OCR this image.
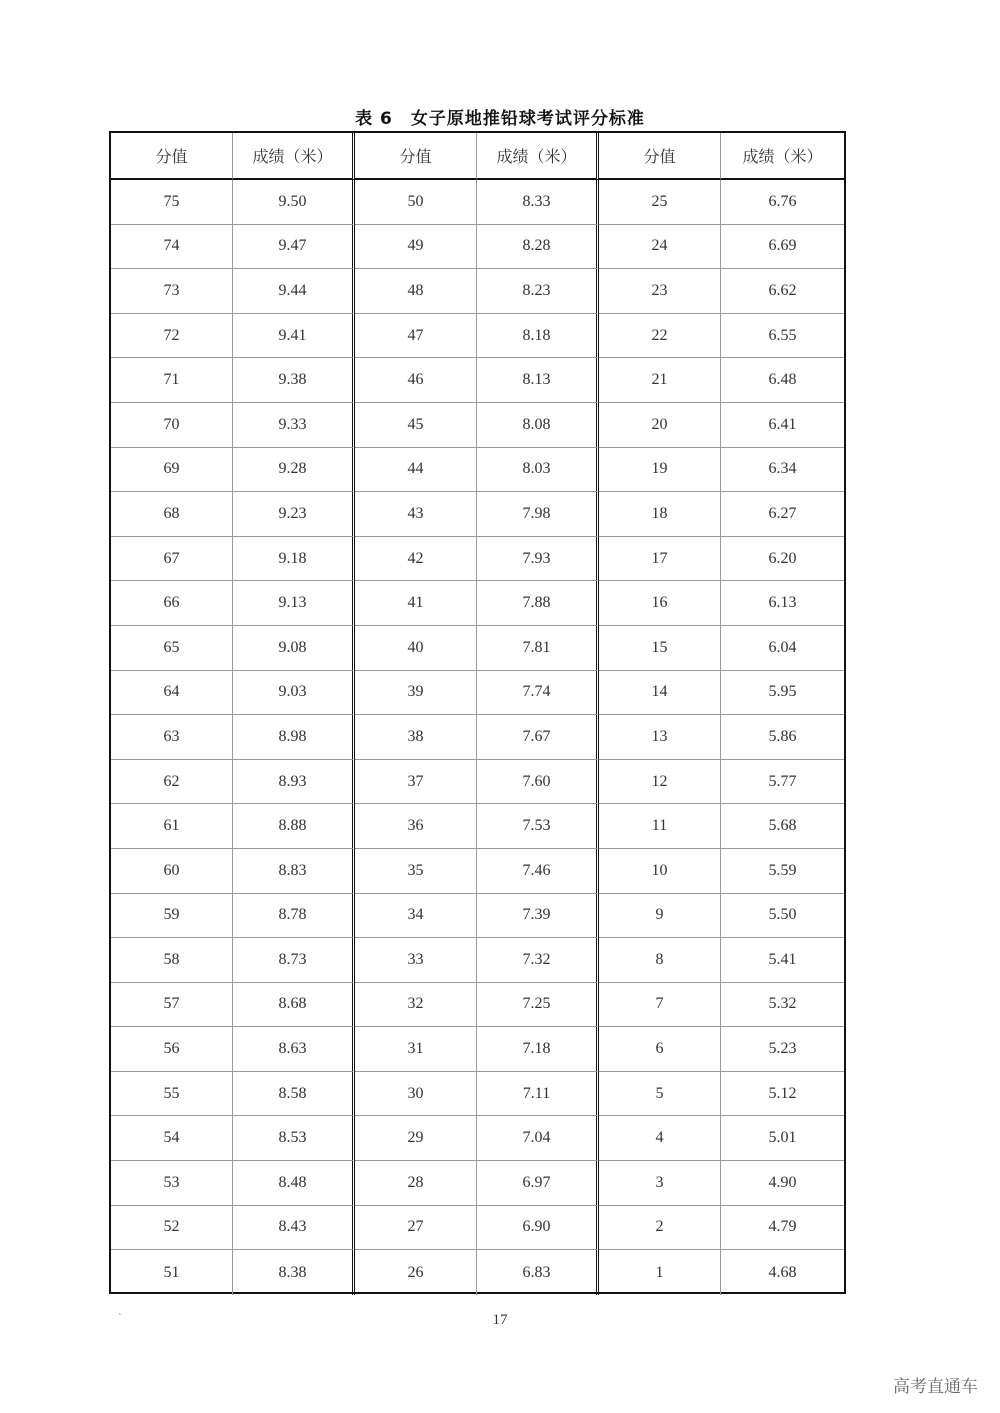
表 6　女子原地推铅球考试评分标准
分值	成绩（米）	分值	成绩（米）	分值	成绩（米）
75	9.50	50	8.33	25	6.76
74	9.47	49	8.28	24	6.69
73	9.44	48	8.23	23	6.62
72	9.41	47	8.18	22	6.55
71	9.38	46	8.13	21	6.48
70	9.33	45	8.08	20	6.41
69	9.28	44	8.03	19	6.34
68	9.23	43	7.98	18	6.27
67	9.18	42	7.93	17	6.20
66	9.13	41	7.88	16	6.13
65	9.08	40	7.81	15	6.04
64	9.03	39	7.74	14	5.95
63	8.98	38	7.67	13	5.86
62	8.93	37	7.60	12	5.77
61	8.88	36	7.53	11	5.68
60	8.83	35	7.46	10	5.59
59	8.78	34	7.39	9	5.50
58	8.73	33	7.32	8	5.41
57	8.68	32	7.25	7	5.32
56	8.63	31	7.18	6	5.23
55	8.58	30	7.11	5	5.12
54	8.53	29	7.04	4	5.01
53	8.48	28	6.97	3	4.90
52	8.43	27	6.90	2	4.79
51	8.38	26	6.83	1	4.68
`	17
高考直通车
